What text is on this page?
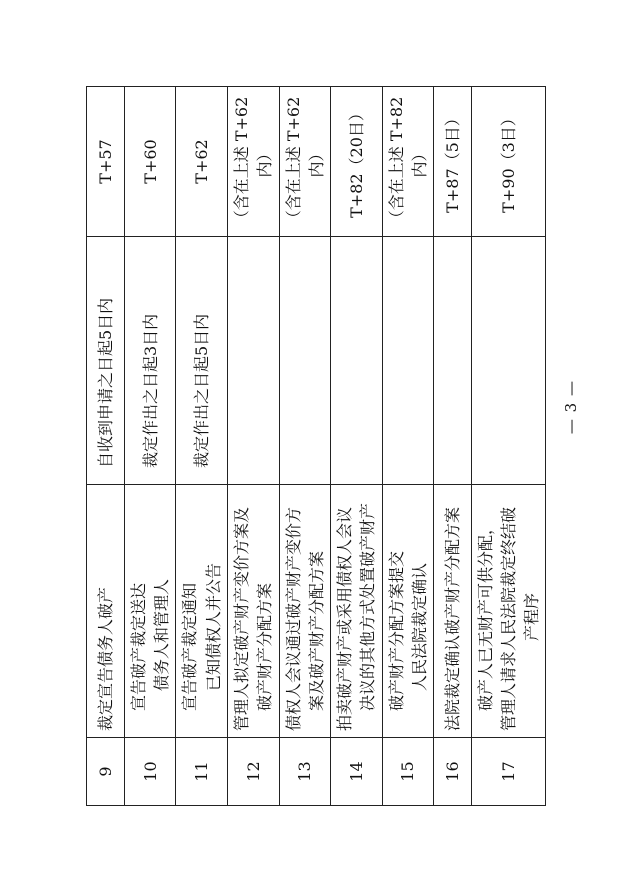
9	裁定宣告债务人破产	自收到申请之日起5日内	T+57
10	宣告破产裁定送达 债务人和管理人	裁定作出之日起3日内	T+60
11	宣告破产裁定通知 已知债权人并公告	裁定作出之日起5日内	T+62
12	管理人拟定破产财产变价方案及 破产财产分配方案		（含在上述 T+62内）
13	债权人会议通过破产财产变价方 案及破产财产分配方案		（含在上述 T+62内）
14	拍卖破产财产或采用债权人会议 决议的其他方式处置破产财产		T+82（20日）
15	破产财产分配方案提交 人民法院裁定确认		（含在上述 T+82内）
16	法院裁定确认破产财产分配方案		T+87（5日）
17	破产人已无财产可供分配， 管理人请求人民法院裁定终结破 产程序		T+90（3日）
— 3 —
